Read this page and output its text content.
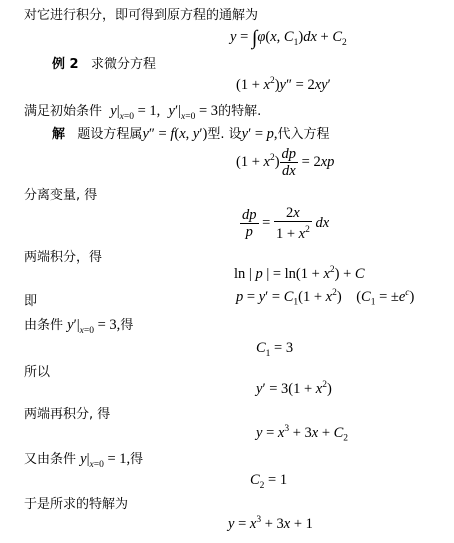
对它进行积分，即可得到原方程的通解为
y = ∫φ(x, $C_1)dx + C_2$
例 2 求微分方程
$(1 + x^2)y'' = 2xy'$
满足初始条件 $y|_{x=0} = 1$, $y'|_{x=0} = 3$的特解.
解 题设方程属y″ = f(x, y′)型. 设y′ = p,代入方程
$(1 + x^2) \frac{dp}{dx} = 2xp$
分离变量, 得
$\frac{dp}{p} = \frac{2x}{1 + x^2}$ dx
两端积分，得
ln | p | = $\ln(1 + x^2) + C$
即	$p = y' = C_1(1 + x^2)$    $(C_1 = \pm e^c)$
由条件 $y'|_{x=0} = 3$,得
$C_1 = 3$
所以
$y' = 3(1 + x^2)$
两端再积分, 得
$y = x^3 + 3x + C_2$
又由条件 $y|_{x=0} = 1$,得
$C_2 = 1$
于是所求的特解为
$y = x^3 + 3x + 1$
